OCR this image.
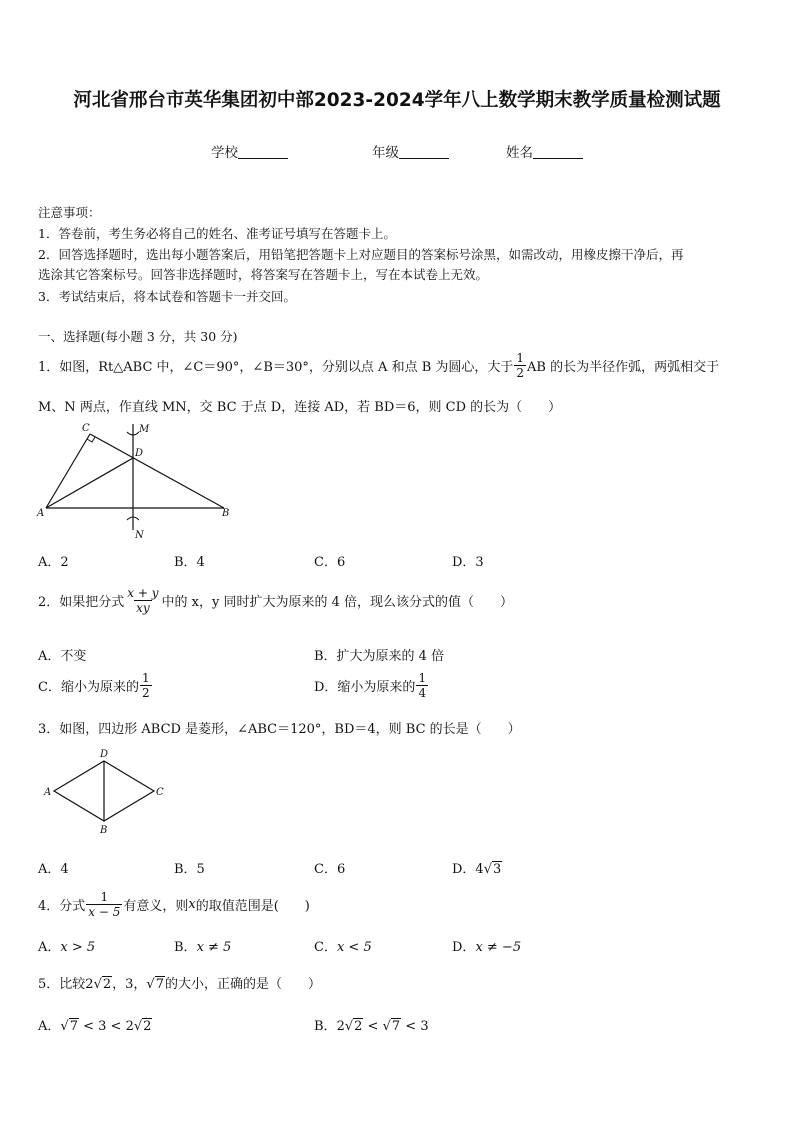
河北省邢台市英华集团初中部2023-2024学年八上数学期末教学质量检测试题
学校	年级	姓名
注意事项：
1．答卷前，考生务必将自己的姓名、准考证号填写在答题卡上。
2．回答选择题时，选出每小题答案后，用铅笔把答题卡上对应题目的答案标号涂黑，如需改动，用橡皮擦干净后，再
选涂其它答案标号。回答非选择题时，将答案写在答题卡上，写在本试卷上无效。
3．考试结束后，将本试卷和答题卡一并交回。
一、选择题(每小题 3 分，共 30 分)
1．如图，Rt△ABC 中，∠C＝90°，∠B＝30°，分别以点 A 和点 B 为圆心，大于 $\frac{1}{2}$ AB 的长为半径作弧，两弧相交于
M、N 两点，作直线 MN，交 BC 于点 D，连接 AD，若 BD＝6，则 CD 的长为（　　）
C	M
D
A	B
N
A．2	B．4	C．6	D．3
2．如果把分式 $\frac{x + y}{xy}$ 中的 x，y 同时扩大为原来的 4 倍，现么该分式的值（　　）
A．不变	B．扩大为原来的 4 倍
C．缩小为原来的 $\frac{1}{2}$	D．缩小为原来的 $\frac{1}{4}$
3．如图，四边形 ABCD 是菱形，∠ABC＝120°，BD＝4，则 BC 的长是（　　）
D
A	C
B
A．4	B．5	C．6	D．4√3
4．分式 $\frac{1}{x - 5}$ 有意义，则 x 的取值范围是(　　)
A．x > 5	B．x ≠ 5	C．x < 5	D．x ≠ −5
5．比较2√2，3，√7的大小，正确的是（　　）
A．√7 < 3 < 2√2	B．2√2 < √7 < 3
